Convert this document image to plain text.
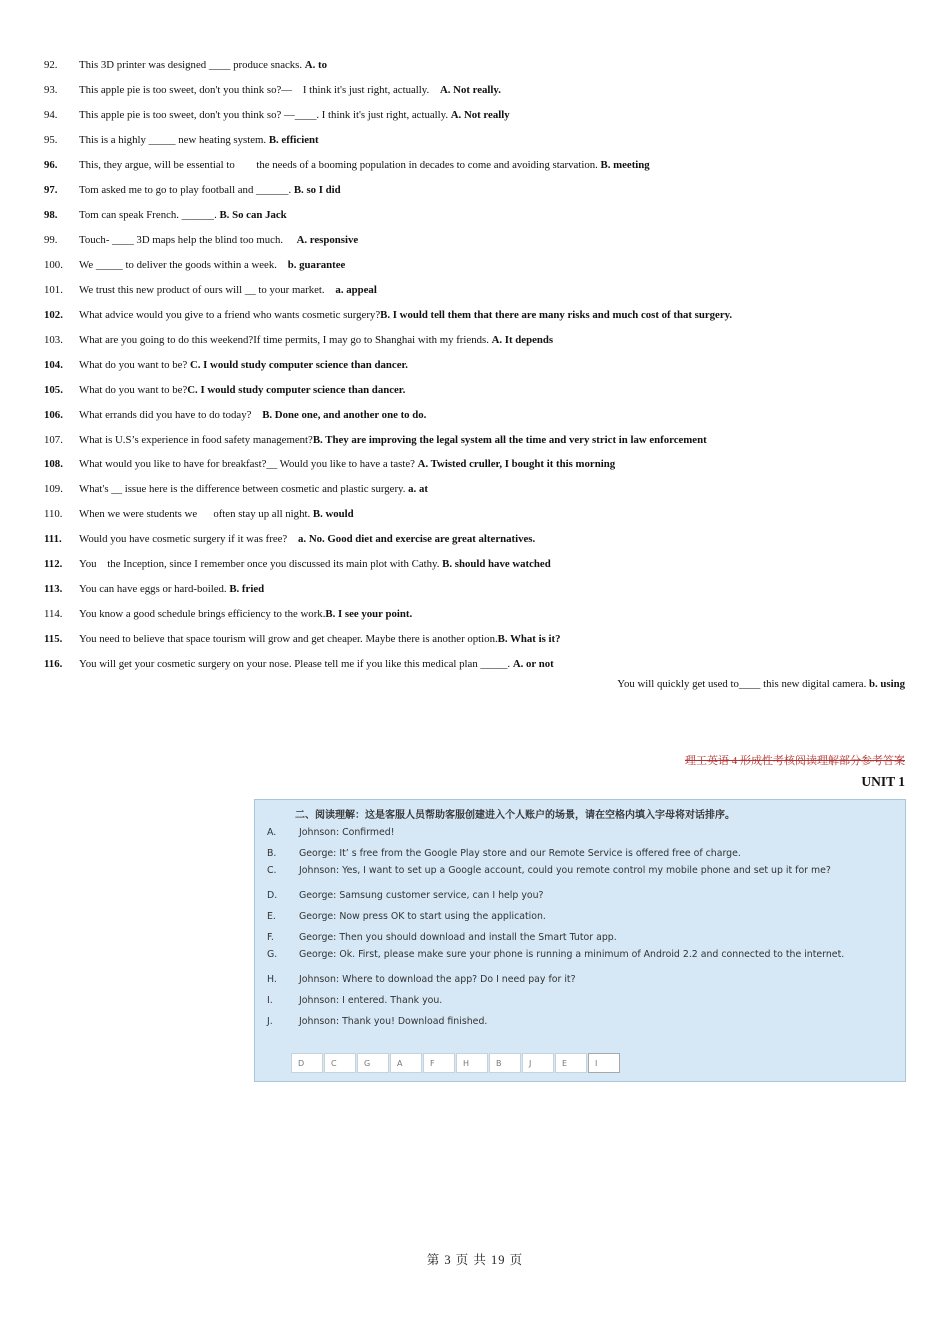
92.	This 3D printer was designed ____ produce snacks. A. to
93.	This apple pie is too sweet, don't you think so?—    I think it's just right, actually. A. Not really.
94.	This apple pie is too sweet, don't you think so? —____. I think it's just right, actually. A. Not really
95.	This is a highly _____ new heating system. B. efficient
96.	This, they argue, will be essential to        the needs of a booming population in decades to come and avoiding starvation. B. meeting
97.	Tom asked me to go to play football and ______. B. so I did
98.	Tom can speak French. ______. B. So can Jack
99.	Touch- ____ 3D maps help the blind too much. A. responsive
100.	We _____ to deliver the goods within a week. b. guarantee
101.	We trust this new product of ours will __ to your market. a. appeal
102.	What advice would you give to a friend who wants cosmetic surgery? B. I would tell them that there are many risks and much cost of that surgery.
103.	What are you going to do this weekend?If time permits, I may go to Shanghai with my friends. A. It depends
104.	What do you want to be? C. I would study computer science than dancer.
105.	What do you want to be? C. I would study computer science than dancer.
106.	What errands did you have to do today? B. Done one, and another one to do.
107.	What is U.S’s experience in food safety management? B. They are improving the legal system all the time and very strict in law enforcement
108.	What would you like to have for breakfast?__ Would you like to have a taste? A. Twisted cruller, I bought it this morning
109.	What's __ issue here is the difference between cosmetic and plastic surgery. a. at
110.	When we were students we      often stay up all night. B. would
111.	Would you have cosmetic surgery if it was free? a. No. Good diet and exercise are great alternatives.
112.	You    the Inception, since I remember once you discussed its main plot with Cathy. B. should have watched
113.	You can have eggs or hard-boiled. B. fried
114.	You know a good schedule brings efficiency to the work. B. I see your point.
115.	You need to believe that space tourism will grow and get cheaper. Maybe there is another option. B. What is it?
116.	You will get your cosmetic surgery on your nose. Please tell me if you like this medical plan _____. A. or not
You will quickly get used to____ this new digital camera. b. using
理工英语 4 形成性考核阅读理解部分参考答案
UNIT 1
二、阅读理解：这是客服人员帮助客服创建进入个人账户的场景，请在空格内填入字母将对话排序。
A.	Johnson: Confirmed!
B.	George: It’ s free from the Google Play store and our Remote Service is offered free of charge.
C.	Johnson: Yes, I want to set up a Google account, could you remote control my mobile phone and set up it for me?
D.	George: Samsung customer service, can I help you?
E.	George: Now press OK to start using the application.
F.	George: Then you should download and install the Smart Tutor app.
G.	George: Ok. First, please make sure your phone is running a minimum of Android 2.2 and connected to the internet.
H.	Johnson: Where to download the app? Do I need pay for it?
I.	Johnson: I entered. Thank you.
J.	Johnson: Thank you! Download finished.
D	C	G	A	F	H	B	J	E	I
第 3 页 共 19 页
